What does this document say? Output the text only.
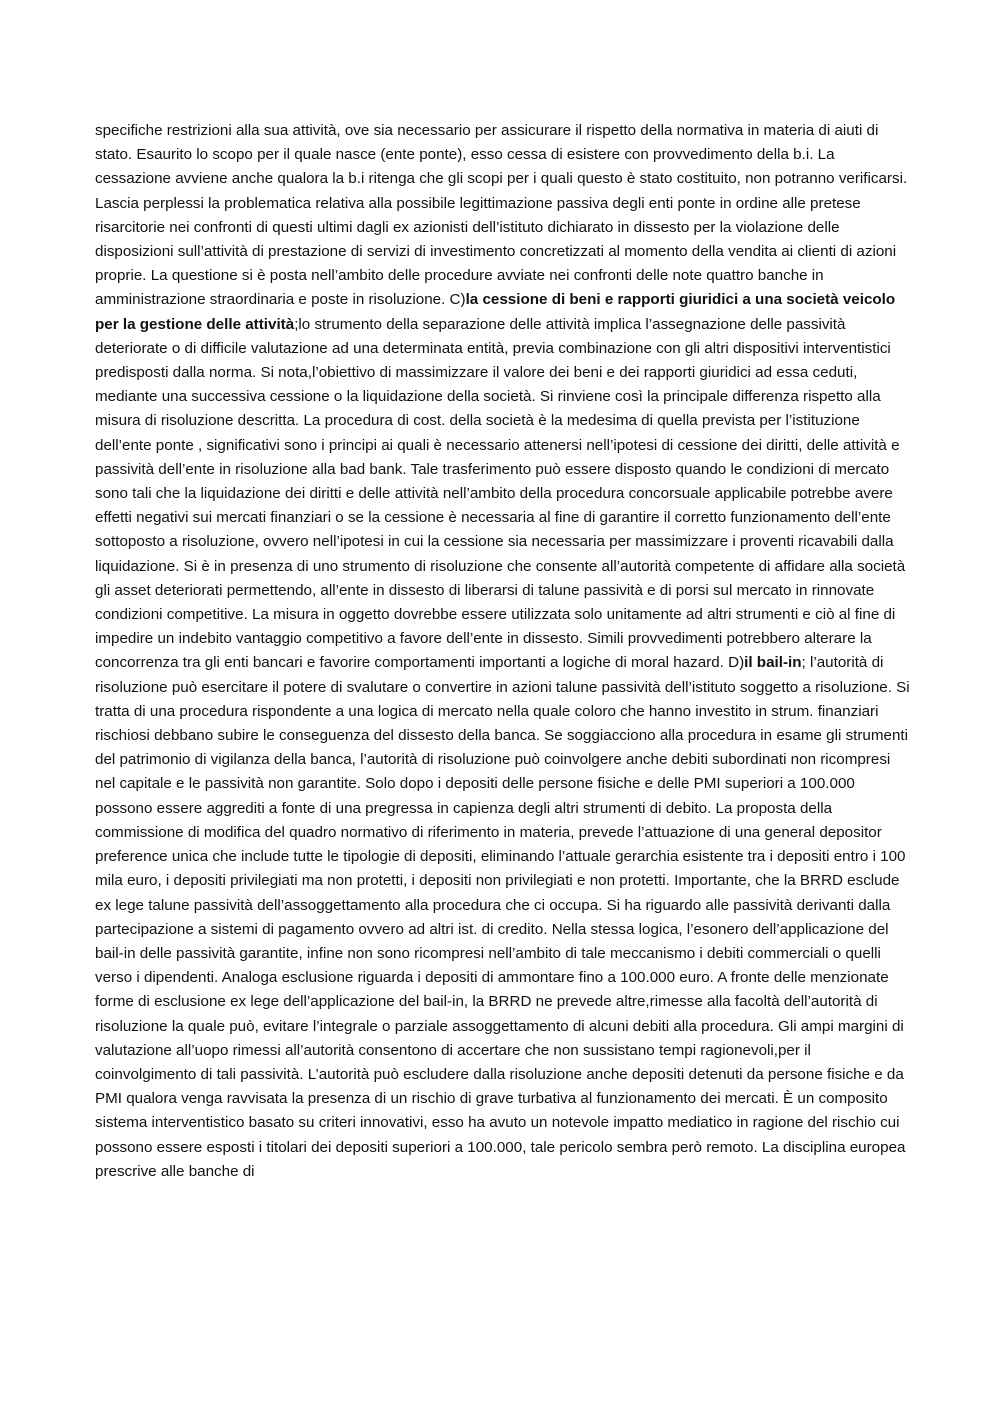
specifiche restrizioni alla sua attività, ove sia necessario per assicurare il rispetto della normativa in materia di aiuti di stato. Esaurito lo scopo per il quale nasce (ente ponte), esso cessa di esistere con provvedimento della b.i. La cessazione avviene anche qualora la b.i ritenga che gli scopi per i quali questo è stato costituito, non potranno verificarsi. Lascia perplessi la problematica relativa alla possibile legittimazione passiva degli enti ponte in ordine alle pretese risarcitorie nei confronti di questi ultimi dagli ex azionisti dell’istituto dichiarato in dissesto per la violazione delle disposizioni sull’attività di prestazione di servizi di investimento concretizzati al momento della vendita ai clienti di azioni proprie. La questione si è posta nell’ambito delle procedure avviate nei confronti delle note quattro banche in amministrazione straordinaria e poste in risoluzione. C)la cessione di beni e rapporti giuridici a una società veicolo per la gestione delle attività;lo strumento della separazione delle attività implica l’assegnazione delle passività deteriorate o di difficile valutazione ad una determinata entità, previa combinazione con gli altri dispositivi interventistici predisposti dalla norma. Si nota,l’obiettivo di massimizzare il valore dei beni e dei rapporti giuridici ad essa ceduti, mediante una successiva cessione o la liquidazione della società. Si rinviene così la principale differenza rispetto alla misura di risoluzione descritta. La procedura di cost. della società è la medesima di quella prevista per l’istituzione dell’ente ponte , significativi sono i principi ai quali è necessario attenersi nell’ipotesi di cessione dei diritti, delle attività e passività dell’ente in risoluzione alla bad bank. Tale trasferimento può essere disposto quando le condizioni di mercato sono tali che la liquidazione dei diritti e delle attività nell’ambito della procedura concorsuale applicabile potrebbe avere effetti negativi sui mercati finanziari o se la cessione è necessaria al fine di garantire il corretto funzionamento dell’ente sottoposto a risoluzione, ovvero nell’ipotesi in cui la cessione sia necessaria per massimizzare i proventi ricavabili dalla liquidazione. Si è in presenza di uno strumento di risoluzione che consente all’autorità competente di affidare alla società gli asset deteriorati permettendo, all’ente in dissesto di liberarsi di talune passività e di porsi sul mercato in rinnovate condizioni competitive. La misura in oggetto dovrebbe essere utilizzata solo unitamente ad altri strumenti e ciò al fine di impedire un indebito vantaggio competitivo a favore dell’ente in dissesto. Simili provvedimenti potrebbero alterare la concorrenza tra gli enti bancari e favorire comportamenti importanti a logiche di moral hazard. D)il bail-in; l’autorità di risoluzione può esercitare il potere di svalutare o convertire in azioni talune passività dell’istituto soggetto a risoluzione. Si tratta di una procedura rispondente a una logica di mercato nella quale coloro che hanno investito in strum. finanziari rischiosi debbano subire le conseguenza del dissesto della banca. Se soggiacciono alla procedura in esame gli strumenti del patrimonio di vigilanza della banca, l’autorità di risoluzione può coinvolgere anche debiti subordinati non ricompresi nel capitale e le passività non garantite. Solo dopo i depositi delle persone fisiche e delle PMI superiori a 100.000 possono essere aggrediti a fonte di una pregressa in capienza degli altri strumenti di debito. La proposta della commissione di modifica del quadro normativo di riferimento in materia, prevede l’attuazione di una general depositor preference unica che include tutte le tipologie di depositi, eliminando l’attuale gerarchia esistente tra i depositi entro i 100 mila euro, i depositi privilegiati ma non protetti, i depositi non privilegiati e non protetti. Importante, che la BRRD esclude ex lege talune passività dell’assoggettamento alla procedura che ci occupa. Si ha riguardo alle passività derivanti dalla partecipazione a sistemi di pagamento ovvero ad altri ist. di credito. Nella stessa logica, l’esonero dell’applicazione del bail-in delle passività garantite, infine non sono ricompresi nell’ambito di tale meccanismo i debiti commerciali o quelli verso i dipendenti. Analoga esclusione riguarda i depositi di ammontare fino a 100.000 euro. A fronte delle menzionate forme di esclusione ex lege dell’applicazione del bail-in, la BRRD ne prevede altre,rimesse alla facoltà dell’autorità di risoluzione la quale può, evitare l’integrale o parziale assoggettamento di alcuni debiti alla procedura. Gli ampi margini di valutazione all’uopo rimessi all’autorità consentono di accertare che non sussistano tempi ragionevoli,per il coinvolgimento di tali passività. L’autorità può escludere dalla risoluzione anche depositi detenuti da persone fisiche e da PMI qualora venga ravvisata la presenza di un rischio di grave turbativa al funzionamento dei mercati. È un composito sistema interventistico basato su criteri innovativi, esso ha avuto un notevole impatto mediatico in ragione del rischio cui possono essere esposti i titolari dei depositi superiori a 100.000, tale pericolo sembra però remoto. La disciplina europea prescrive alle banche di
